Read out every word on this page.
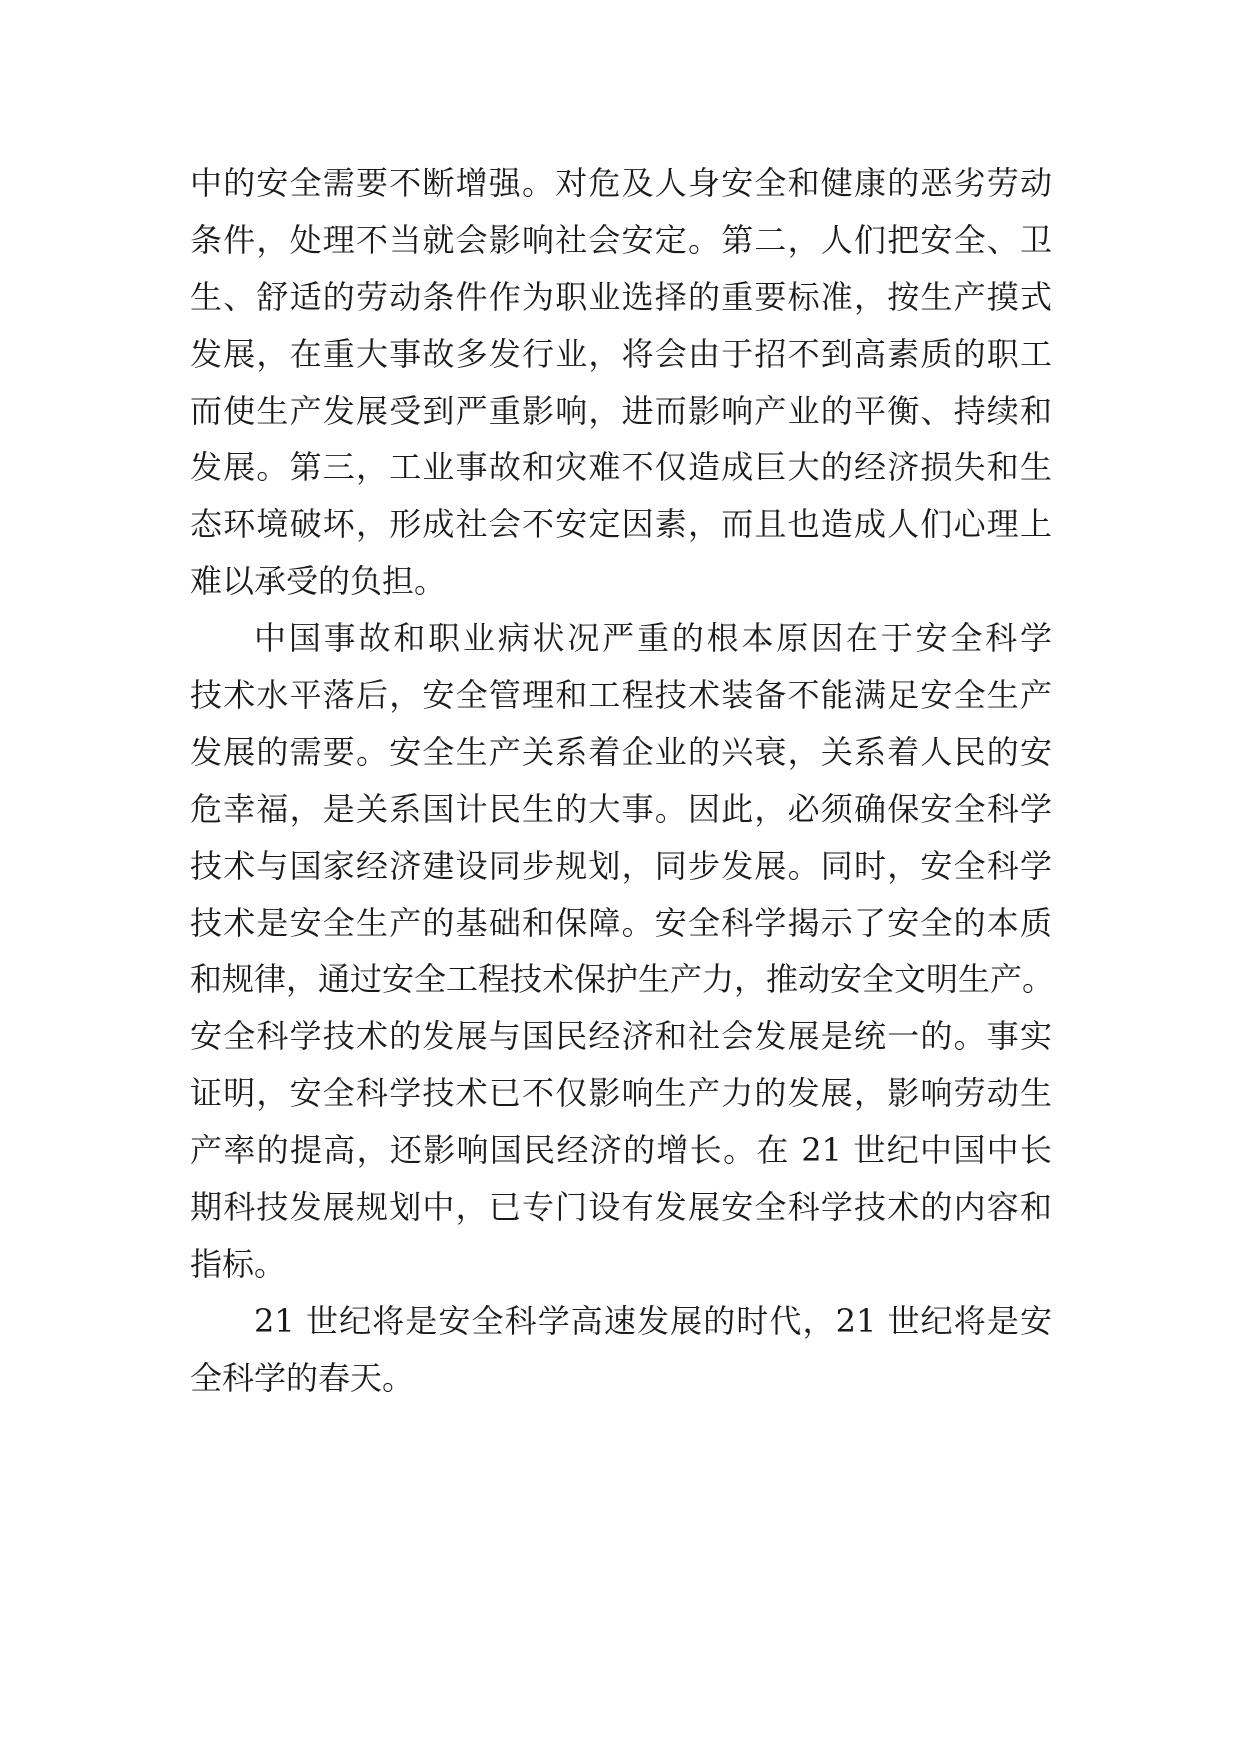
中的安全需要不断增强。对危及人身安全和健康的恶劣劳动
条件，处理不当就会影响社会安定。第二，人们把安全、卫
生、舒适的劳动条件作为职业选择的重要标准，按生产摸式
发展，在重大事故多发行业，将会由于招不到高素质的职工
而使生产发展受到严重影响，进而影响产业的平衡、持续和
发展。第三，工业事故和灾难不仅造成巨大的经济损失和生
态环境破坏，形成社会不安定因素，而且也造成人们心理上
难以承受的负担。
中国事故和职业病状况严重的根本原因在于安全科学
技术水平落后，安全管理和工程技术装备不能满足安全生产
发展的需要。安全生产关系着企业的兴衰，关系着人民的安
危幸福，是关系国计民生的大事。因此，必须确保安全科学
技术与国家经济建设同步规划，同步发展。同时，安全科学
技术是安全生产的基础和保障。安全科学揭示了安全的本质
和规律，通过安全工程技术保护生产力，推动安全文明生产。
安全科学技术的发展与国民经济和社会发展是统一的。事实
证明，安全科学技术已不仅影响生产力的发展，影响劳动生
产率的提高，还影响国民经济的增长。在 21 世纪中国中长
期科技发展规划中，已专门设有发展安全科学技术的内容和
指标。
21 世纪将是安全科学高速发展的时代，21 世纪将是安
全科学的春天。
